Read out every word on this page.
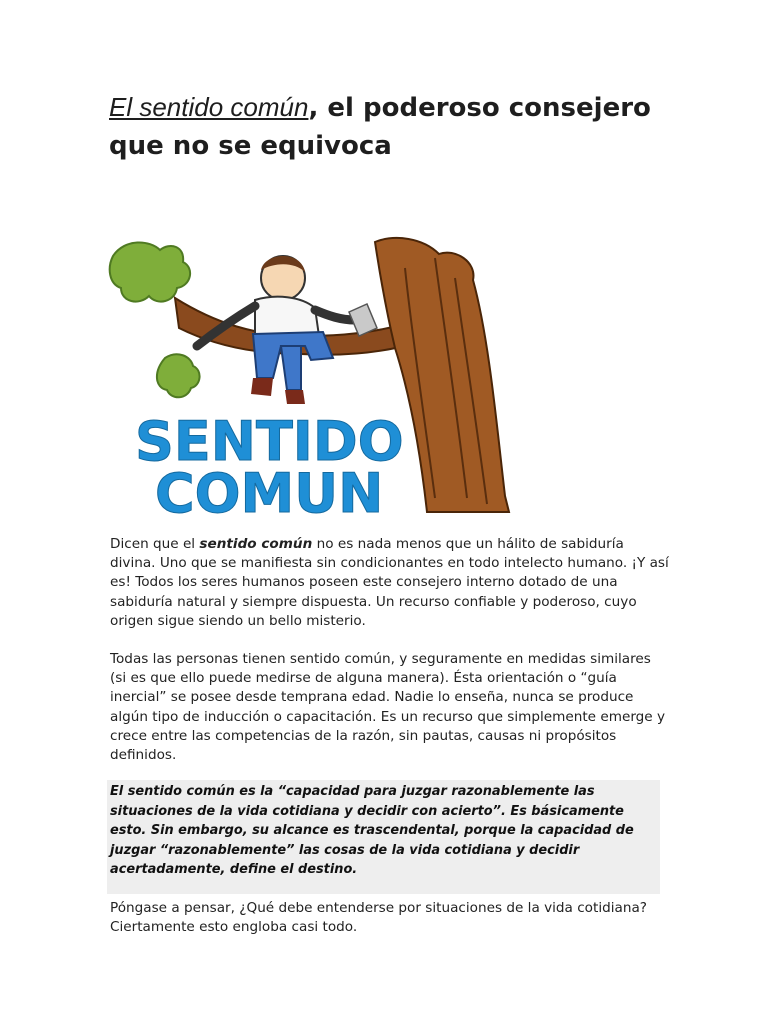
El sentido común, el poderoso consejero que no se equivoca
SENTIDO
COMUN

Dicen que el sentido común no es nada menos que un hálito de sabiduría divina. Uno que se manifiesta sin condicionantes en todo intelecto humano. ¡Y así es! Todos los seres humanos poseen este consejero interno dotado de una sabiduría natural y siempre dispuesta. Un recurso confiable y poderoso, cuyo origen sigue siendo un bello misterio.

Todas las personas tienen sentido común, y seguramente en medidas similares (si es que ello puede medirse de alguna manera). Ésta orientación o “guía inercial” se posee desde temprana edad. Nadie lo enseña, nunca se produce algún tipo de inducción o capacitación. Es un recurso que simplemente emerge y crece entre las competencias de la razón, sin pautas, causas ni propósitos definidos.

El sentido común es la “capacidad para juzgar razonablemente las situaciones de la vida cotidiana y decidir con acierto”. Es básicamente esto. Sin embargo, su alcance es trascendental, porque la capacidad de juzgar “razonablemente” las cosas de la vida cotidiana y decidir acertadamente, define el destino.

Póngase a pensar, ¿Qué debe entenderse por situaciones de la vida cotidiana? Ciertamente esto engloba casi todo.
